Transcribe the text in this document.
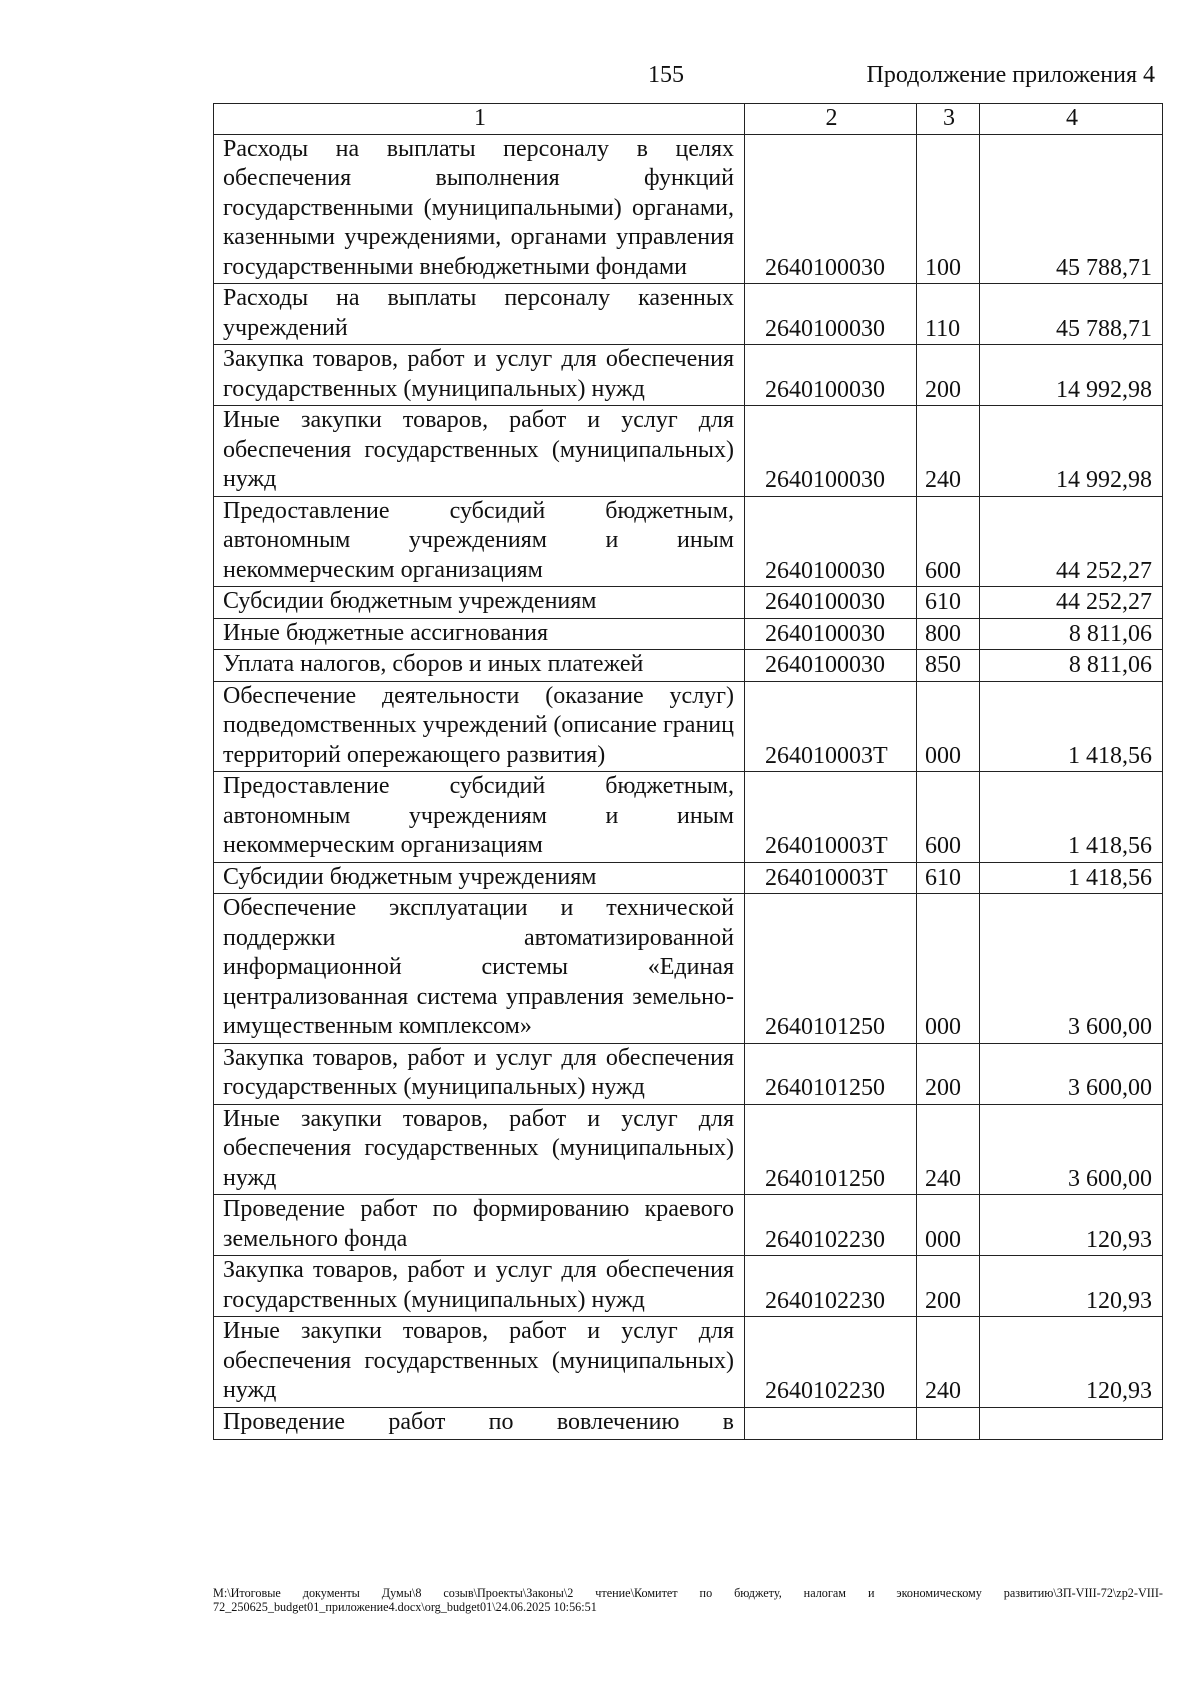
155	Продолжение приложения 4
1	2	3	4
Расходы на выплаты персоналу в целях обеспечения выполнения функций государственными (муниципальными) органами, казенными учреждениями, органами управления государственными внебюджетными фондами	2640100030	100	45 788,71
Расходы на выплаты персоналу казенных учреждений	2640100030	110	45 788,71
Закупка товаров, работ и услуг для обеспечения государственных (муниципальных) нужд	2640100030	200	14 992,98
Иные закупки товаров, работ и услуг для обеспечения государственных (муниципальных) нужд	2640100030	240	14 992,98
Предоставление субсидий бюджетным, автономным учреждениям и иным некоммерческим организациям	2640100030	600	44 252,27
Субсидии бюджетным учреждениям	2640100030	610	44 252,27
Иные бюджетные ассигнования	2640100030	800	8 811,06
Уплата налогов, сборов и иных платежей	2640100030	850	8 811,06
Обеспечение деятельности (оказание услуг) подведомственных учреждений (описание границ территорий опережающего развития)	264010003Т	000	1 418,56
Предоставление субсидий бюджетным, автономным учреждениям и иным некоммерческим организациям	264010003Т	600	1 418,56
Субсидии бюджетным учреждениям	264010003Т	610	1 418,56
Обеспечение эксплуатации и технической поддержки автоматизированной информационной системы «Единая централизованная система управления земельно-имущественным комплексом»	2640101250	000	3 600,00
Закупка товаров, работ и услуг для обеспечения государственных (муниципальных) нужд	2640101250	200	3 600,00
Иные закупки товаров, работ и услуг для обеспечения государственных (муниципальных) нужд	2640101250	240	3 600,00
Проведение работ по формированию краевого земельного фонда	2640102230	000	120,93
Закупка товаров, работ и услуг для обеспечения государственных (муниципальных) нужд	2640102230	200	120,93
Иные закупки товаров, работ и услуг для обеспечения государственных (муниципальных) нужд	2640102230	240	120,93
Проведение работ по вовлечению в			
M:\Итоговые документы Думы\8 созыв\Проекты\Законы\2 чтение\Комитет по бюджету, налогам и экономическому развитию\ЗП-VIII-72\zp2-VIII-
72_250625_budget01_приложение4.docx\org_budget01\24.06.2025 10:56:51
